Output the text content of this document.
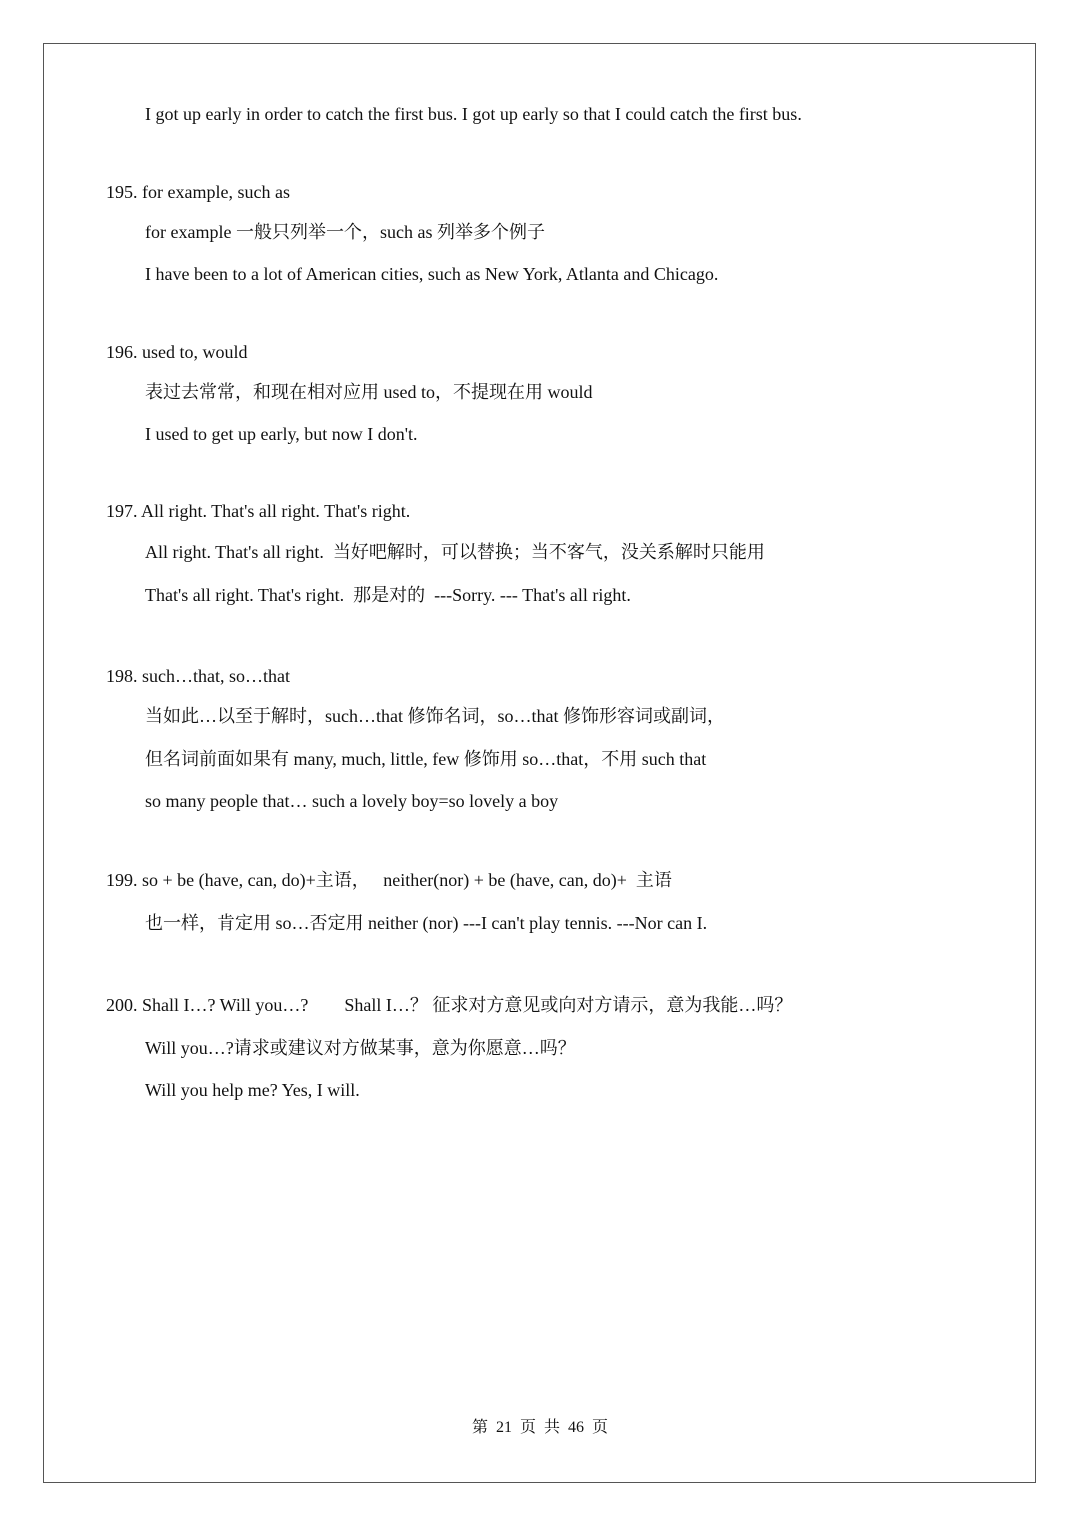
I got up early in order to catch the first bus. I got up early so that I could catch the first bus.
195. for example, such as
for example 一般只列举一个，such as 列举多个例子
I have been to a lot of American cities, such as New York, Atlanta and Chicago.
196. used to, would
表过去常常，和现在相对应用 used to，不提现在用 would
I used to get up early, but now I don't.
197. All right. That's all right. That's right.
All right. That's all right.  当好吧解时，可以替换；当不客气，没关系解时只能用
That's all right. That's right.  那是对的  ---Sorry. --- That's all right.
198. such…that, so…that
当如此…以至于解时，such…that 修饰名词，so…that 修饰形容词或副词，
但名词前面如果有 many, much, little, few 修饰用 so…that，不用 such that
so many people that… such a lovely boy=so lovely a boy
199. so + be (have, can, do)+主语，   neither(nor) + be (have, can, do)+  主语
也一样，肯定用 so…否定用 neither (nor) ---I can't play tennis. ---Nor can I.
200. Shall I…? Will you…?        Shall I…？ 征求对方意见或向对方请示，意为我能…吗？
Will you…?请求或建议对方做某事，意为你愿意…吗？
Will you help me? Yes, I will.
第  21  页  共  46  页
